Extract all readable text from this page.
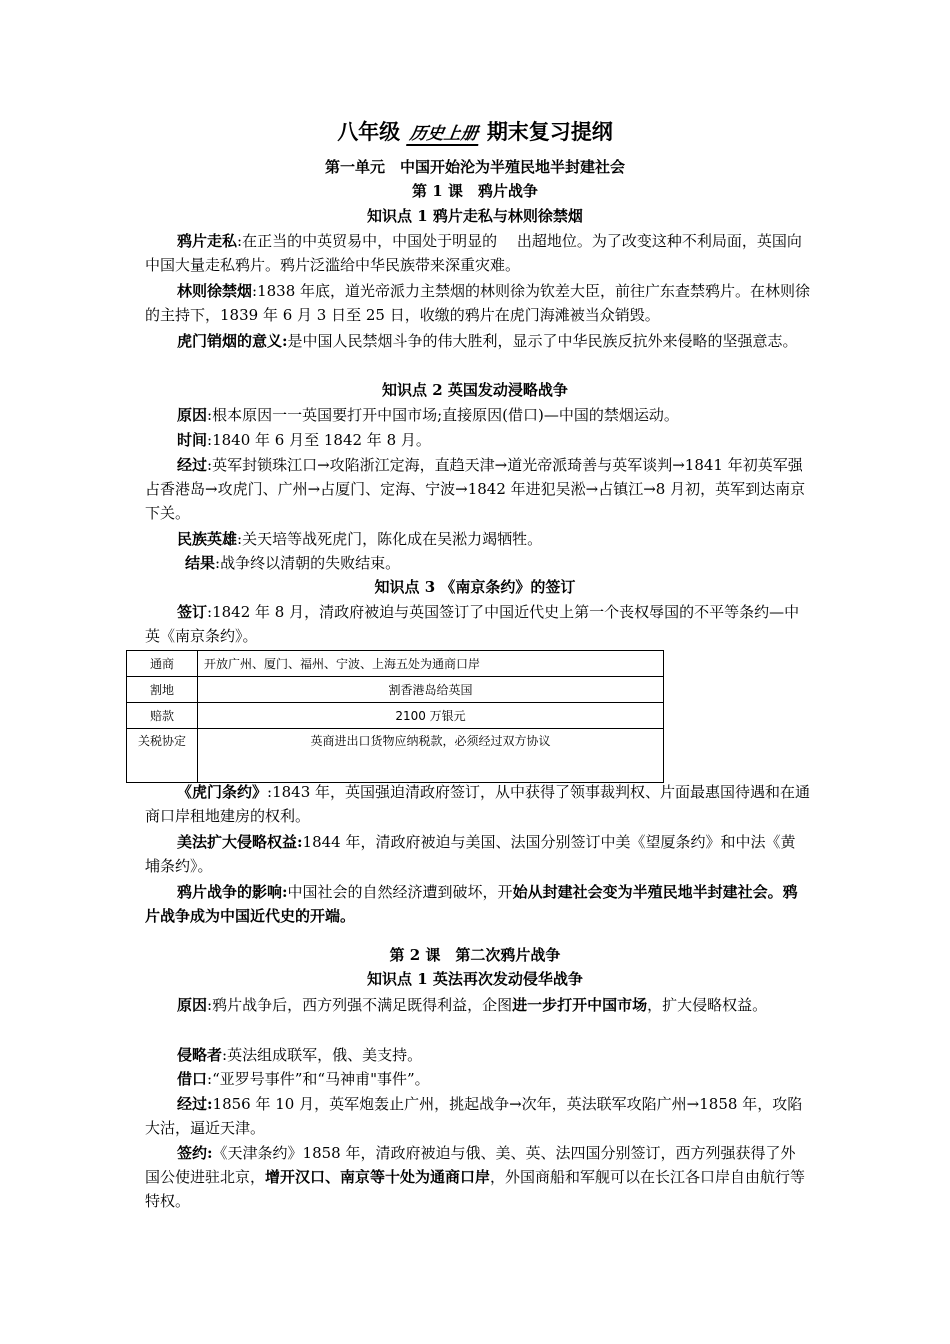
八年级 历史上册 期末复习提纲
第一单元　中国开始沦为半殖民地半封建社会
第 1 课　鸦片战争
知识点 1 鸦片走私与林则徐禁烟
鸦片走私:在正当的中英贸易中，中国处于明显的　 出超地位。为了改变这种不利局面，英国向中国大量走私鸦片。鸦片泛滥给中华民族带来深重灾难。
林则徐禁烟:1838 年底，道光帝派力主禁烟的林则徐为钦差大臣，前往广东查禁鸦片。在林则徐的主持下，1839 年 6 月 3 日至 25 日，收缴的鸦片在虎门海滩被当众销毁。
虎门销烟的意义:是中国人民禁烟斗争的伟大胜利，显示了中华民族反抗外来侵略的坚强意志。
知识点 2 英国发动浸略战争
原因:根本原因一一英国要打开中国市场;直接原因(借口)—中国的禁烟运动。
时间:1840 年 6 月至 1842 年 8 月。
经过:英军封锁珠江口→攻陷浙江定海，直趋天津→道光帝派琦善与英军谈判→1841 年初英军强占香港岛→攻虎门、广州→占厦门、定海、宁波→1842 年进犯吴淞→占镇江→8 月初，英军到达南京下关。
民族英雄:关天培等战死虎门，陈化成在吴淞力竭牺牲。
结果:战争终以清朝的失败结束。
知识点 3 《南京条约》的签订
签订:1842 年 8 月，清政府被迫与英国签订了中国近代史上第一个丧权辱国的不平等条约—中英《南京条约》。
通商	开放广州、厦门、福州、宁波、上海五处为通商口岸
割地	割香港岛给英国
赔款	2100 万银元
关税协定	英商进出口货物应纳税款，必须经过双方协议
《虎门条约》:1843 年，英国强迫清政府签订，从中获得了领事裁判权、片面最惠国待遇和在通商口岸租地建房的权利。
美法扩大侵略权益:1844 年，清政府被迫与美国、法国分别签订中美《望厦条约》和中法《黄埔条约》。
鸦片战争的影响:中国社会的自然经济遭到破坏，开始从封建社会变为半殖民地半封建社会。鸦片战争成为中国近代史的开端。
第 2 课　第二次鸦片战争
知识点 1 英法再次发动侵华战争
原因:鸦片战争后，西方列强不满足既得利益，企图进一步打开中国市场，扩大侵略权益。
侵略者:英法组成联军，俄、美支持。
借口:“亚罗号事件”和“马神甫"事件”。
经过:1856 年 10 月，英军炮轰止广州，挑起战争→次年，英法联军攻陷广州→1858 年，攻陷大沽，逼近天津。
签约:《天津条约》1858 年，清政府被迫与俄、美、英、法四国分别签订，西方列强获得了外国公使进驻北京，增开汉口、南京等十处为通商口岸，外国商船和军舰可以在长江各口岸自由航行等特权。
